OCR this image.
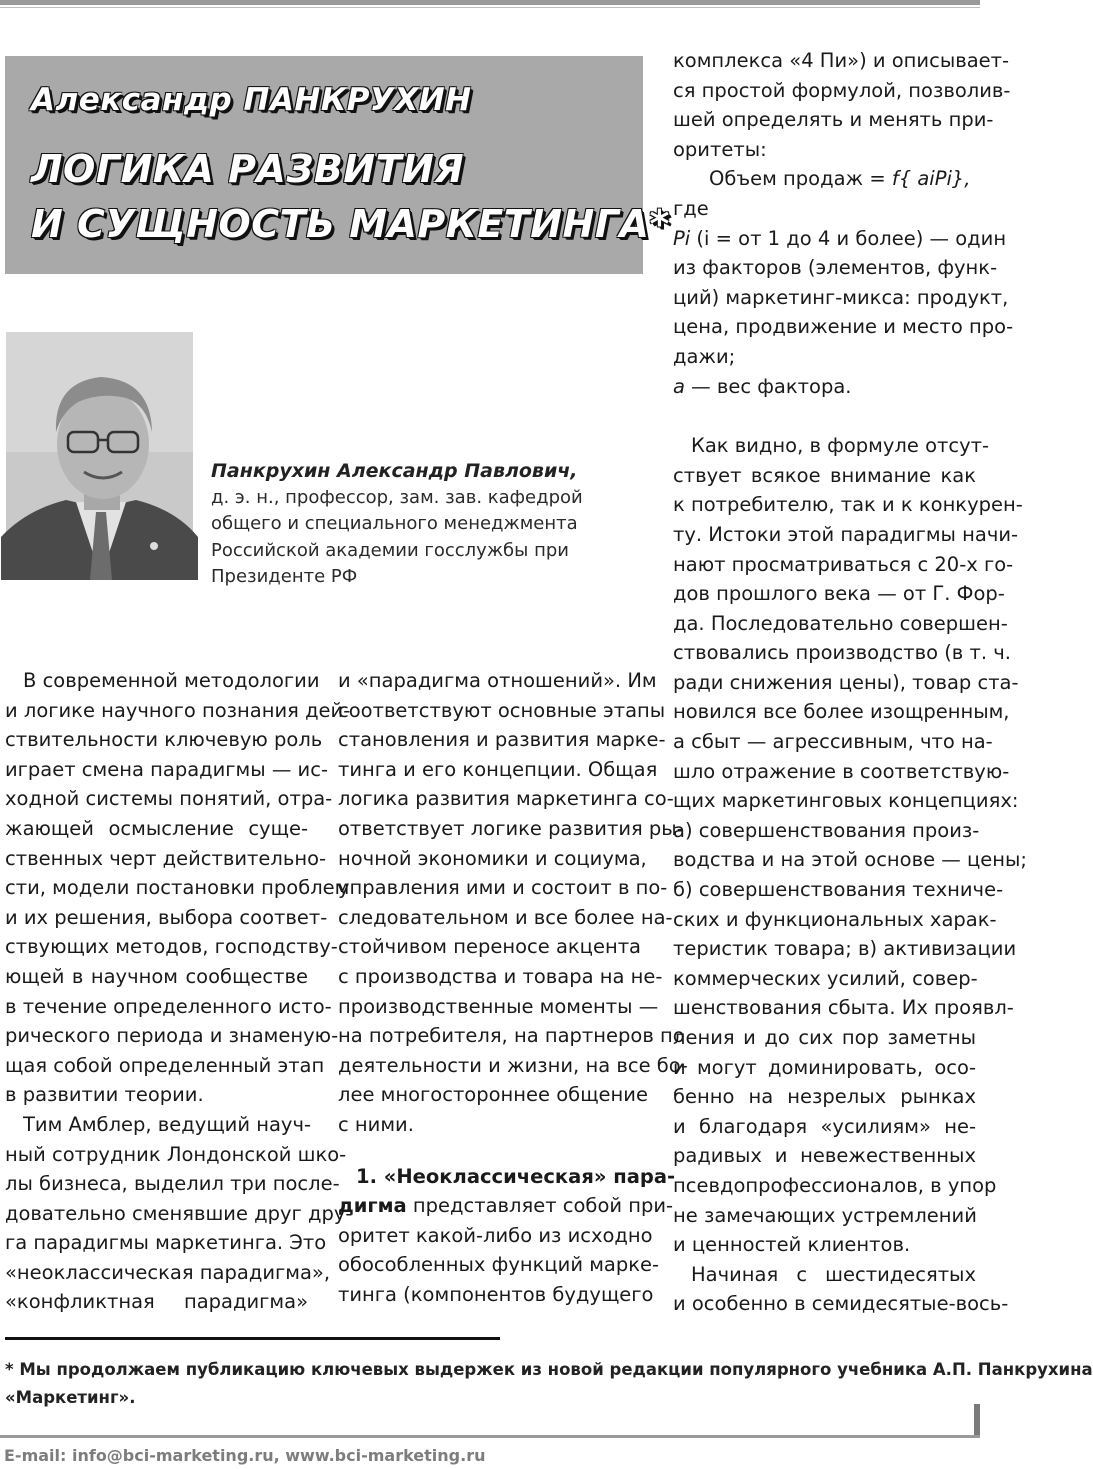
Александр ПАНКРУХИН
ЛОГИКА РАЗВИТИЯ
И СУЩНОСТЬ МАРКЕТИНГА*
Панкрухин Александр Павлович,
д. э. н., профессор, зам. зав. кафедрой
общего и специального менеджмента
Российской академии госслужбы при
Президенте РФ
В современной методологии
и логике научного познания дей-
ствительности ключевую роль
играет смена парадигмы — ис-
ходной системы понятий, отра-
жающей осмысление суще-
ственных черт действительно-
сти, модели постановки проблем
и их решения, выбора соответ-
ствующих методов, господству-
ющей в научном сообществе
в течение определенного исто-
рического периода и знаменую-
щая собой определенный этап
в развитии теории.
Тим Амблер, ведущий науч-
ный сотрудник Лондонской шко-
лы бизнеса, выделил три после-
довательно сменявшие друг дру-
га парадигмы маркетинга. Это
«неоклассическая парадигма»,
«конфликтная парадигма»
и «парадигма отношений». Им
соответствуют основные этапы
становления и развития марке-
тинга и его концепции. Общая
логика развития маркетинга со-
ответствует логике развития ры-
ночной экономики и социума,
управления ими и состоит в по-
следовательном и все более на-
стойчивом переносе акцента
с производства и товара на не-
производственные моменты —
на потребителя, на партнеров по
деятельности и жизни, на все бо-
лее многостороннее общение
с ними.
1. «Неоклассическая» пара-
дигма представляет собой при-
оритет какой-либо из исходно
обособленных функций марке-
тинга (компонентов будущего
комплекса «4 Пи») и описывает-
ся простой формулой, позволив-
шей определять и менять при-
оритеты:
Объем продаж = f{ aiPi},
где
Pi (i = от 1 до 4 и более) — один
из факторов (элементов, функ-
ций) маркетинг-микса: продукт,
цена, продвижение и место про-
дажи;
a — вес фактора.
Как видно, в формуле отсут-
ствует всякое внимание как
к потребителю, так и к конкурен-
ту. Истоки этой парадигмы начи-
нают просматриваться с 20-х го-
дов прошлого века — от Г. Фор-
да. Последовательно совершен-
ствовались производство (в т. ч.
ради снижения цены), товар ста-
новился все более изощренным,
а сбыт — агрессивным, что на-
шло отражение в соответствую-
щих маркетинговых концепциях:
а) совершенствования произ-
водства и на этой основе — цены;
б) совершенствования техниче-
ских и функциональных харак-
теристик товара; в) активизации
коммерческих усилий, совер-
шенствования сбыта. Их проявл-
ления и до сих пор заметны
и могут доминировать, осо-
бенно на незрелых рынках
и благодаря «усилиям» не-
радивых и невежественных
псевдопрофессионалов, в упор
не замечающих устремлений
и ценностей клиентов.
Начиная с шестидесятых
и особенно в семидесятые-вось-
* Мы продолжаем публикацию ключевых выдержек из новой редакции популярного учебника А.П. Панкрухина
«Маркетинг».
E-mail: info@bci-marketing.ru, www.bci-marketing.ru
